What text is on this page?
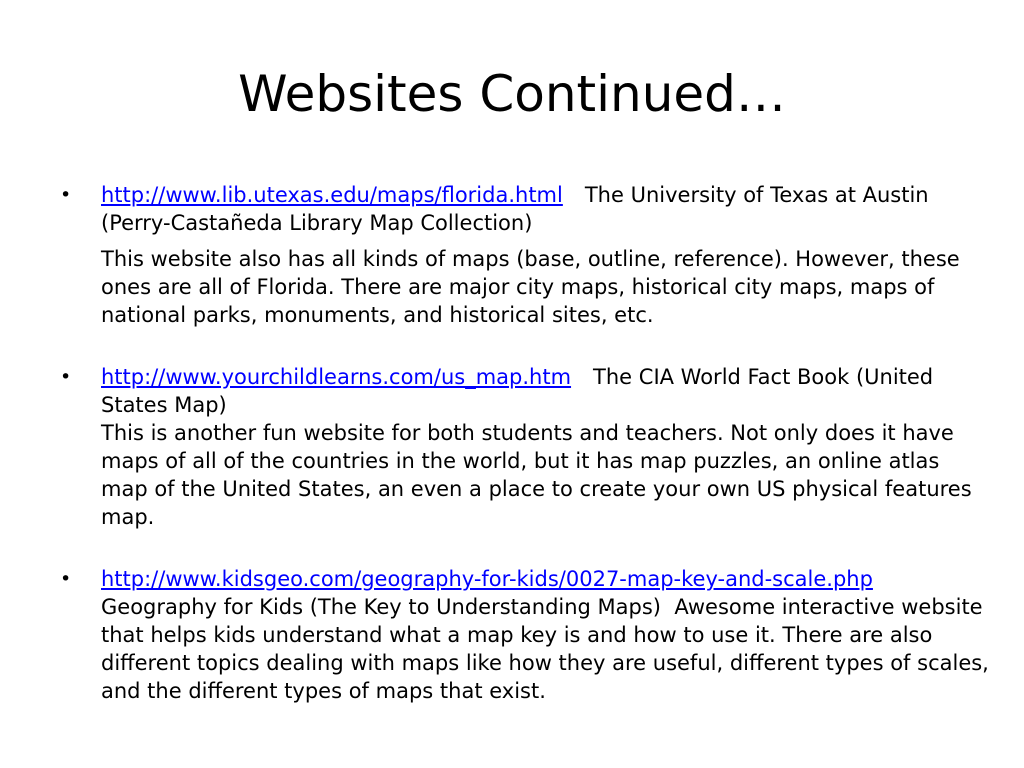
Websites Continued…
• http://www.lib.utexas.edu/maps/florida.html The University of Texas at Austin (Perry-Castañeda Library Map Collection)
This website also has all kinds of maps (base, outline, reference). However, these ones are all of Florida. There are major city maps, historical city maps, maps of national parks, monuments, and historical sites, etc.
• http://www.yourchildlearns.com/us_map.htm The CIA World Fact Book (United States Map)
This is another fun website for both students and teachers. Not only does it have maps of all of the countries in the world, but it has map puzzles, an online atlas map of the United States, an even a place to create your own US physical features map.
• http://www.kidsgeo.com/geography-for-kids/0027-map-key-and-scale.php
Geography for Kids (The Key to Understanding Maps) Awesome interactive website that helps kids understand what a map key is and how to use it. There are also different topics dealing with maps like how they are useful, different types of scales, and the different types of maps that exist.
